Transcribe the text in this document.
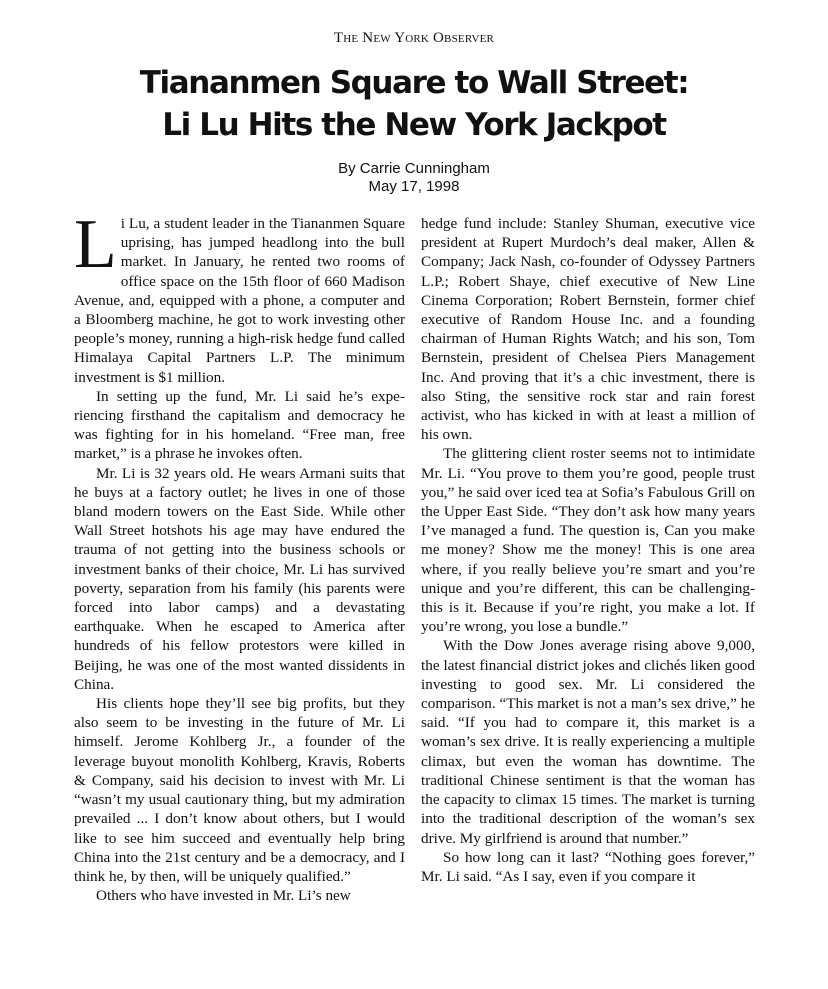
The New York Observer
Tiananmen Square to Wall Street:
Li Lu Hits the New York Jackpot
By Carrie Cunningham
May 17, 1998

Li Lu, a student leader in the Tiananmen Square uprising, has jumped headlong into the bull market. In January, he rented two rooms of office space on the 15th floor of 660 Madison Avenue, and, equipped with a phone, a computer and a Bloomberg machine, he got to work investing other people’s money, running a high-risk hedge fund called Himalaya Capital Partners L.P. The minimum investment is $1 million.

In setting up the fund, Mr. Li said he’s experiencing firsthand the capitalism and democracy he was fighting for in his homeland. “Free man, free market,” is a phrase he invokes often.

Mr. Li is 32 years old. He wears Armani suits that he buys at a factory outlet; he lives in one of those bland modern towers on the East Side. While other Wall Street hotshots his age may have endured the trauma of not getting into the business schools or investment banks of their choice, Mr. Li has survived poverty, separation from his family (his parents were forced into labor camps) and a devastating earthquake. When he escaped to America after hundreds of his fellow protestors were killed in Beijing, he was one of the most wanted dissidents in China.

His clients hope they’ll see big profits, but they also seem to be investing in the future of Mr. Li himself. Jerome Kohlberg Jr., a founder of the leverage buyout monolith Kohlberg, Kravis, Roberts & Company, said his decision to invest with Mr. Li “wasn’t my usual cautionary thing, but my admiration prevailed ... I don’t know about others, but I would like to see him succeed and eventually help bring China into the 21st century and be a democracy, and I think he, by then, will be uniquely qualified.”

Others who have invested in Mr. Li’s new

hedge fund include: Stanley Shuman, executive vice president at Rupert Murdoch’s deal maker, Allen & Company; Jack Nash, co-founder of Odyssey Partners L.P.; Robert Shaye, chief executive of New Line Cinema Corporation; Robert Bernstein, former chief executive of Random House Inc. and a founding chairman of Human Rights Watch; and his son, Tom Bernstein, president of Chelsea Piers Management Inc. And proving that it’s a chic investment, there is also Sting, the sensitive rock star and rain forest activist, who has kicked in with at least a million of his own.

The glittering client roster seems not to intimidate Mr. Li. “You prove to them you’re good, people trust you,” he said over iced tea at Sofia’s Fabulous Grill on the Upper East Side. “They don’t ask how many years I’ve managed a fund. The question is, Can you make me money? Show me the money! This is one area where, if you really believe you’re smart and you’re unique and you’re different, this can be challenging-this is it. Because if you’re right, you make a lot. If you’re wrong, you lose a bundle.”

With the Dow Jones average rising above 9,000, the latest financial district jokes and clichés liken good investing to good sex. Mr. Li considered the comparison. “This market is not a man’s sex drive,” he said. “If you had to compare it, this market is a woman’s sex drive. It is really experiencing a multiple climax, but even the woman has downtime. The traditional Chinese sentiment is that the woman has the capacity to climax 15 times. The market is turning into the traditional description of the woman’s sex drive. My girlfriend is around that number.”

So how long can it last? “Nothing goes forever,” Mr. Li said. “As I say, even if you compare it
